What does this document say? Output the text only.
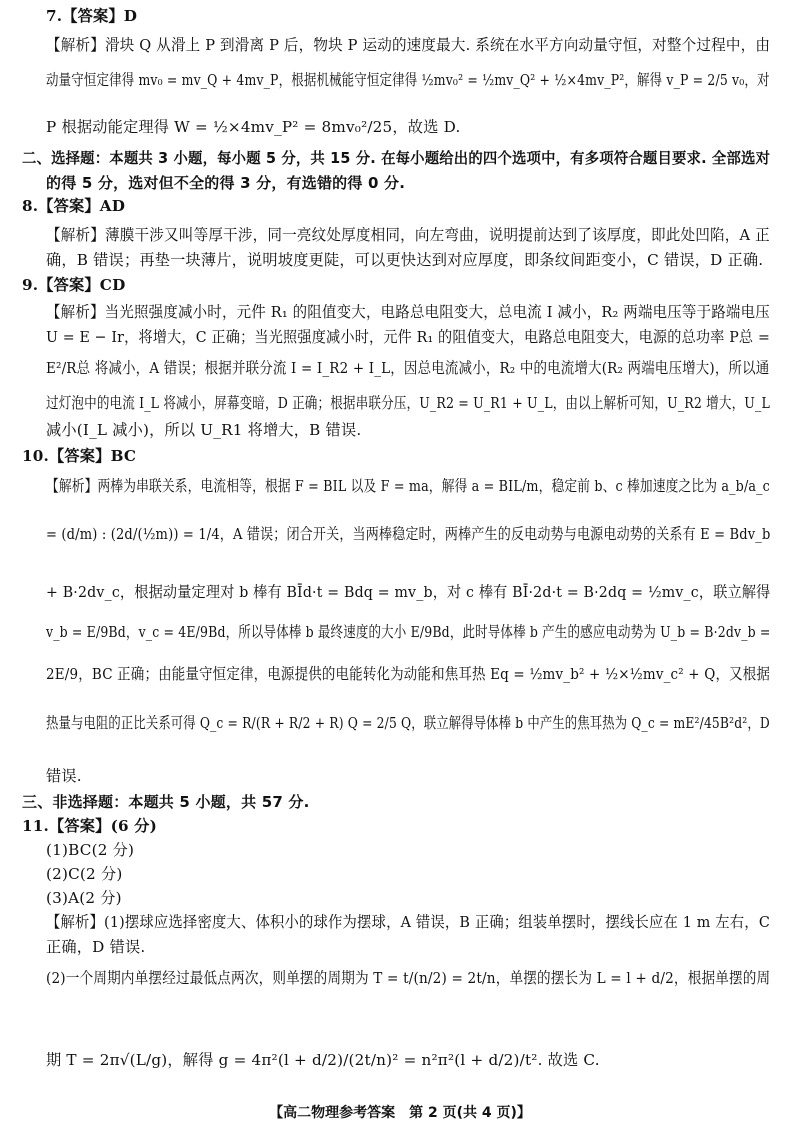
7.【答案】D
【解析】滑块 Q 从滑上 P 到滑离 P 后，物块 P 运动的速度最大. 系统在水平方向动量守恒，对整个过程中，由
动量守恒定律得 mv₀ = mv_Q + 4mv_P，根据机械能守恒定律得 ½mv₀² = ½mv_Q² + ½×4mv_P²，解得 v_P = 2/5 v₀，对
P 根据动能定理得 W = ½×4mv_P² = 8mv₀²/25，故选 D.
二、选择题：本题共 3 小题，每小题 5 分，共 15 分. 在每小题给出的四个选项中，有多项符合题目要求. 全部选对
的得 5 分，选对但不全的得 3 分，有选错的得 0 分.
8.【答案】AD
【解析】薄膜干涉又叫等厚干涉，同一亮纹处厚度相同，向左弯曲，说明提前达到了该厚度，即此处凹陷，A 正
确，B 错误；再垫一块薄片，说明坡度更陡，可以更快达到对应厚度，即条纹间距变小，C 错误，D 正确.
9.【答案】CD
【解析】当光照强度减小时，元件 R₁ 的阻值变大，电路总电阻变大，总电流 I 减小，R₂ 两端电压等于路端电压
U = E − Ir，将增大，C 正确；当光照强度减小时，元件 R₁ 的阻值变大，电路总电阻变大，电源的总功率 P总 =
E²/R总 将减小，A 错误；根据并联分流 I = I_R2 + I_L，因总电流减小，R₂ 中的电流增大(R₂ 两端电压增大)，所以通
过灯泡中的电流 I_L 将减小，屏幕变暗，D 正确；根据串联分压，U_R2 = U_R1 + U_L，由以上解析可知，U_R2 增大，U_L
减小(I_L 减小)，所以 U_R1 将增大，B 错误.
10.【答案】BC
【解析】两棒为串联关系，电流相等，根据 F = BIL 以及 F = ma，解得 a = BIL/m，稳定前 b、c 棒加速度之比为 a_b/a_c
= (d/m) : (2d/(½m)) = 1/4，A 错误；闭合开关，当两棒稳定时，两棒产生的反电动势与电源电动势的关系有 E = Bdv_b
+ B·2dv_c，根据动量定理对 b 棒有 BĪd·t = Bdq = mv_b，对 c 棒有 BĪ·2d·t = B·2dq = ½mv_c，联立解得
v_b = E/9Bd，v_c = 4E/9Bd，所以导体棒 b 最终速度的大小 E/9Bd，此时导体棒 b 产生的感应电动势为 U_b = B·2dv_b =
2E/9，BC 正确；由能量守恒定律，电源提供的电能转化为动能和焦耳热 Eq = ½mv_b² + ½×½mv_c² + Q，又根据
热量与电阻的正比关系可得 Q_c = R/(R + R/2 + R) Q = 2/5 Q，联立解得导体棒 b 中产生的焦耳热为 Q_c = mE²/45B²d²，D
错误.
三、非选择题：本题共 5 小题，共 57 分.
11.【答案】(6 分)
(1)BC(2 分)
(2)C(2 分)
(3)A(2 分)
【解析】(1)摆球应选择密度大、体积小的球作为摆球，A 错误，B 正确；组装单摆时，摆线长应在 1 m 左右，C
正确，D 错误.
(2)一个周期内单摆经过最低点两次，则单摆的周期为 T = t/(n/2) = 2t/n，单摆的摆长为 L = l + d/2，根据单摆的周
期 T = 2π√(L/g)，解得 g = 4π²(l + d/2)/(2t/n)² = n²π²(l + d/2)/t². 故选 C.
【高二物理参考答案　第 2 页(共 4 页)】
